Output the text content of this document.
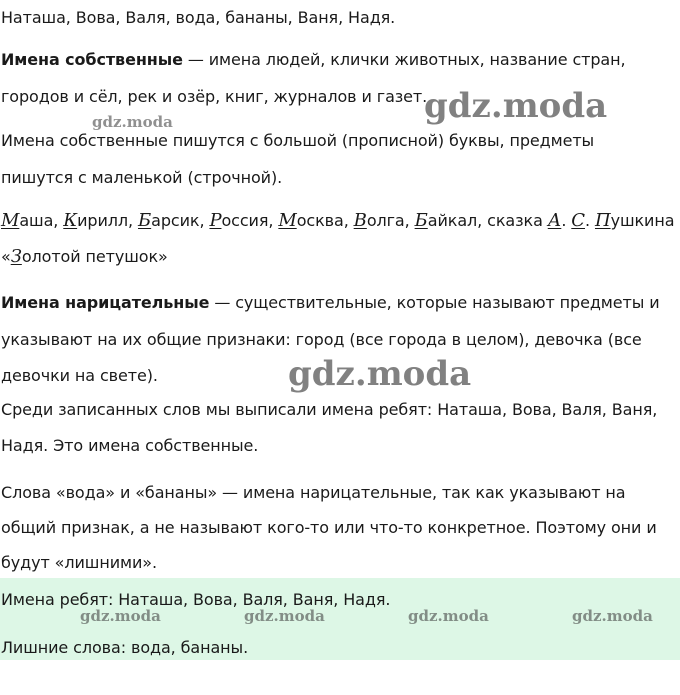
Наташа, Вова, Валя, вода, бананы, Ваня, Надя.
Имена собственные — имена людей, клички животных, название стран,
городов и сёл, рек и озёр, книг, журналов и газет.
Имена собственные пишутся с большой (прописной) буквы, предметы
пишутся с маленькой (строчной).
Маша, Кирилл, Барсик, Россия, Москва, Волга, Байкал, сказка А. С. Пушкина
«Золотой петушок»
Имена нарицательные — существительные, которые называют предметы и
указывают на их общие признаки: город (все города в целом), девочка (все
девочки на свете).
Среди записанных слов мы выписали имена ребят: Наташа, Вова, Валя, Ваня,
Надя. Это имена собственные.
Слова «вода» и «бананы» — имена нарицательные, так как указывают на
общий признак, а не называют кого-то или что-то конкретное. Поэтому они и
будут «лишними».
Имена ребят: Наташа, Вова, Валя, Ваня, Надя.
Лишние слова: вода, бананы.
gdz.moda	gdz.moda
gdz.moda
gdz.moda	gdz.moda	gdz.moda	gdz.moda
